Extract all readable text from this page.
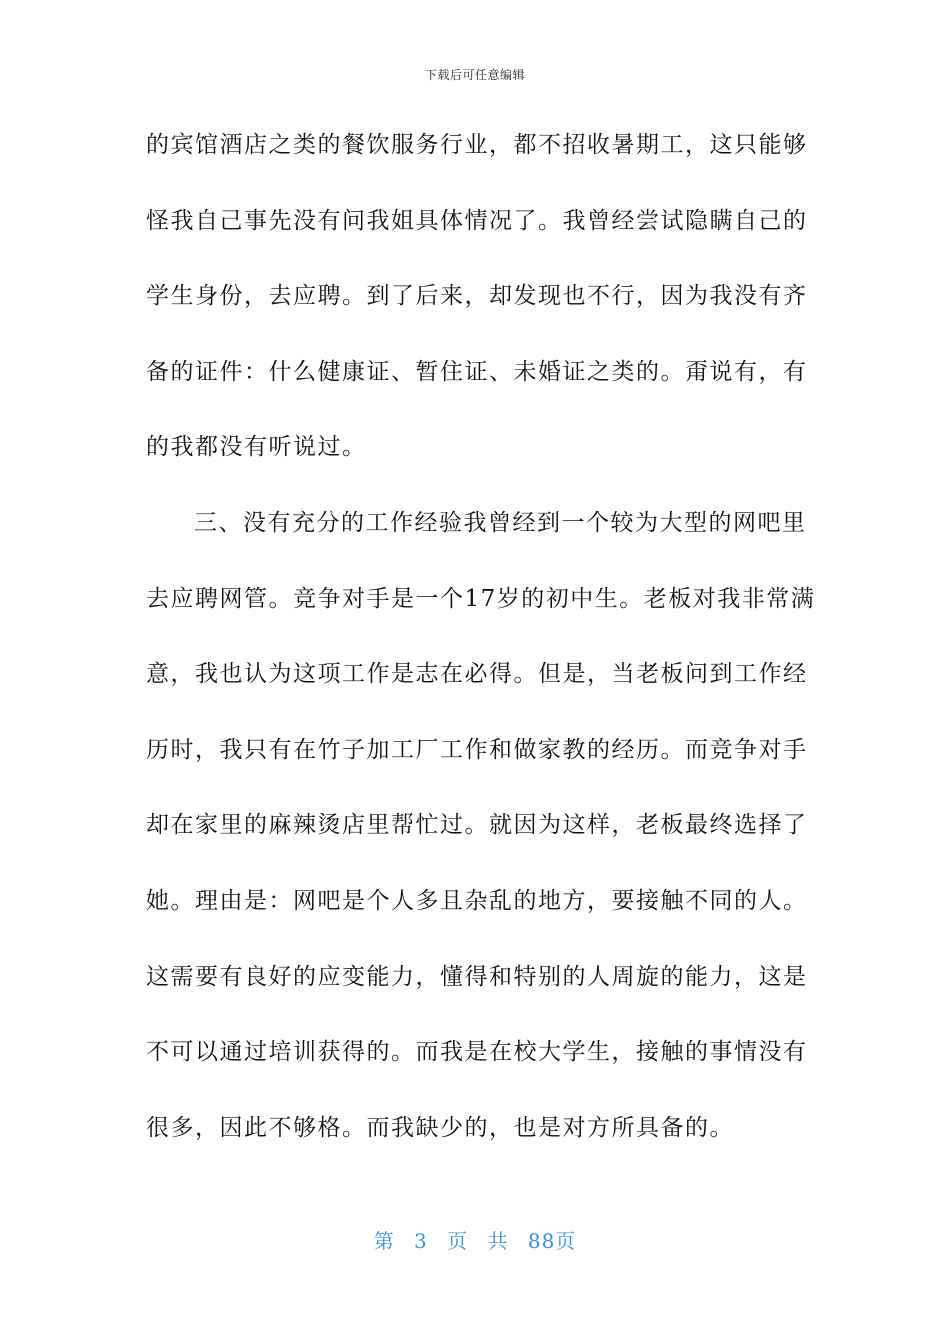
下载后可任意编辑
的宾馆酒店之类的餐饮服务行业，都不招收暑期工，这只能够
怪我自己事先没有问我姐具体情况了。我曾经尝试隐瞒自己的
学生身份，去应聘。到了后来，却发现也不行，因为我没有齐
备的证件：什么健康证、暂住证、未婚证之类的。甭说有，有
的我都没有听说过。
三、没有充分的工作经验我曾经到一个较为大型的网吧里
去应聘网管。竞争对手是一个17岁的初中生。老板对我非常满
意，我也认为这项工作是志在必得。但是，当老板问到工作经
历时，我只有在竹子加工厂工作和做家教的经历。而竞争对手
却在家里的麻辣烫店里帮忙过。就因为这样，老板最终选择了
她。理由是：网吧是个人多且杂乱的地方，要接触不同的人。
这需要有良好的应变能力，懂得和特别的人周旋的能力，这是
不可以通过培训获得的。而我是在校大学生，接触的事情没有
很多，因此不够格。而我缺少的，也是对方所具备的。
第 3 页 共 88页
